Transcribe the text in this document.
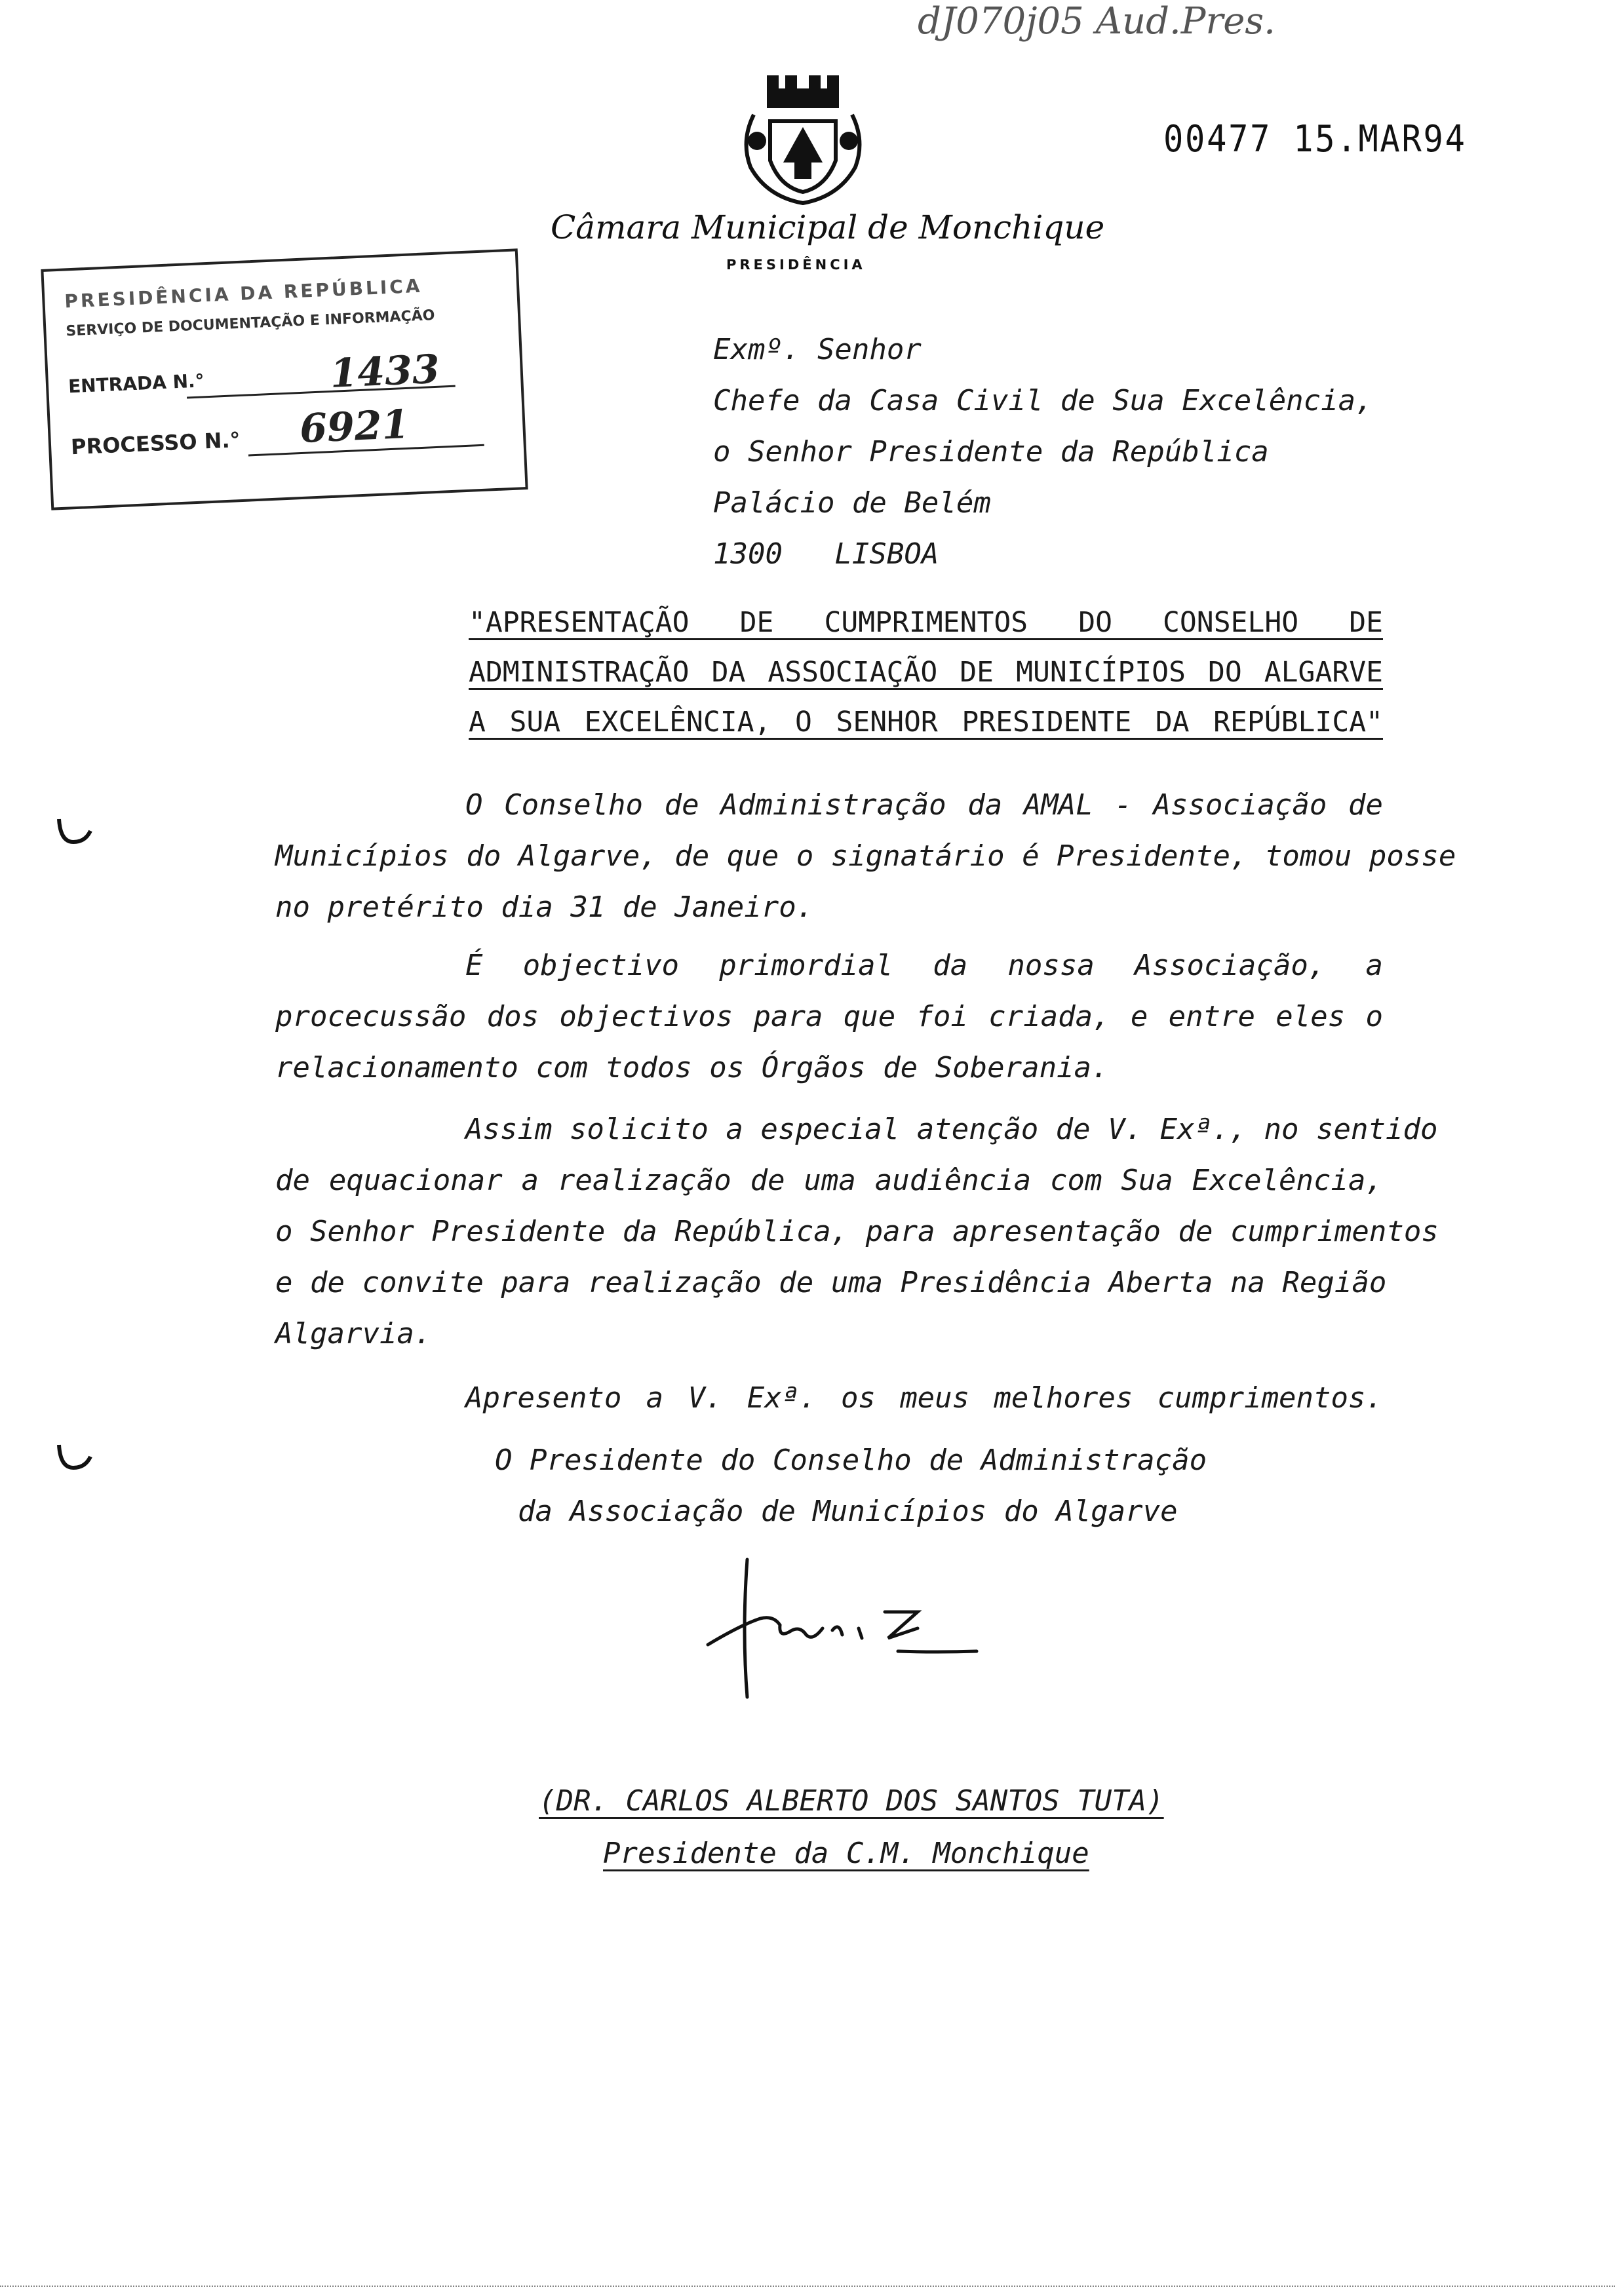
dJ070j05 Aud.Pres.
Câmara Municipal de Monchique
PRESIDÊNCIA
00477 15.MAR94
PRESIDÊNCIA DA REPÚBLICA
SERVIÇO DE DOCUMENTAÇÃO E INFORMAÇÃO
ENTRADA N.°	1433
PROCESSO N.° 6921
Exmº. Senhor
Chefe da Casa Civil de Sua Excelência,
o Senhor Presidente da República
Palácio de Belém
1300   LISBOA
"APRESENTAÇÃO DE CUMPRIMENTOS DO CONSELHO DE
ADMINISTRAÇÃO DA ASSOCIAÇÃO DE MUNICÍPIOS DO ALGARVE
A SUA EXCELÊNCIA, O SENHOR PRESIDENTE DA REPÚBLICA"
O Conselho de Administração da AMAL - Associação de
Municípios do Algarve, de que o signatário é Presidente, tomou posse
no pretérito dia 31 de Janeiro.
É objectivo primordial da nossa Associação, a
procecussão dos objectivos para que foi criada, e entre eles o
relacionamento com todos os Órgãos de Soberania.
Assim solicito a especial atenção de V. Exª., no sentido
de equacionar a realização de uma audiência com Sua Excelência,
o Senhor Presidente da República, para apresentação de cumprimentos
e de convite para realização de uma Presidência Aberta na Região
Algarvia.
Apresento a V. Exª. os meus melhores cumprimentos.
O Presidente do Conselho de Administração
da Associação de Municípios do Algarve
(DR. CARLOS ALBERTO DOS SANTOS TUTA)
Presidente da C.M. Monchique
